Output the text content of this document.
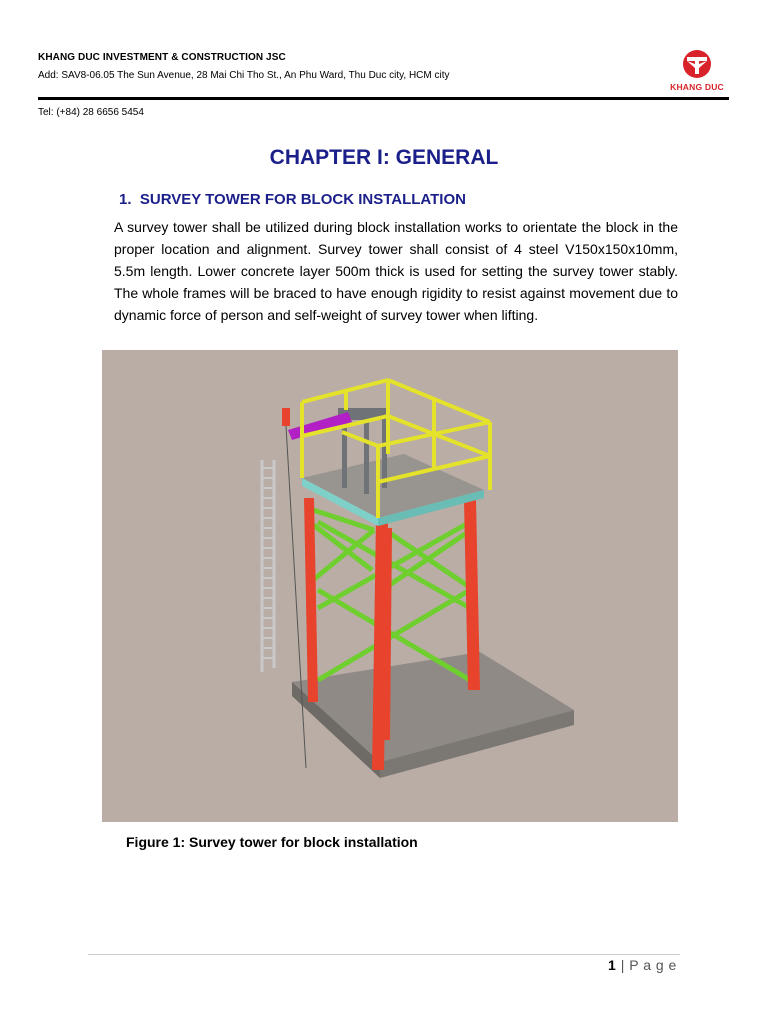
KHANG DUC INVESTMENT & CONSTRUCTION JSC
Add: SAV8-06.05 The Sun Avenue, 28 Mai Chi Tho St., An Phu Ward, Thu Duc city, HCM city
KHANG DUC
Tel: (+84) 28 6656 5454
CHAPTER I: GENERAL
1. SURVEY TOWER FOR BLOCK INSTALLATION
A survey tower shall be utilized during block installation works to orientate the block in the proper location and alignment. Survey tower shall consist of 4 steel V150x150x10mm, 5.5m length. Lower concrete layer 500m thick is used for setting the survey tower stably. The whole frames will be braced to have enough rigidity to resist against movement due to dynamic force of person and self-weight of survey tower when lifting.
Figure 1: Survey tower for block installation
1 | P a g e
